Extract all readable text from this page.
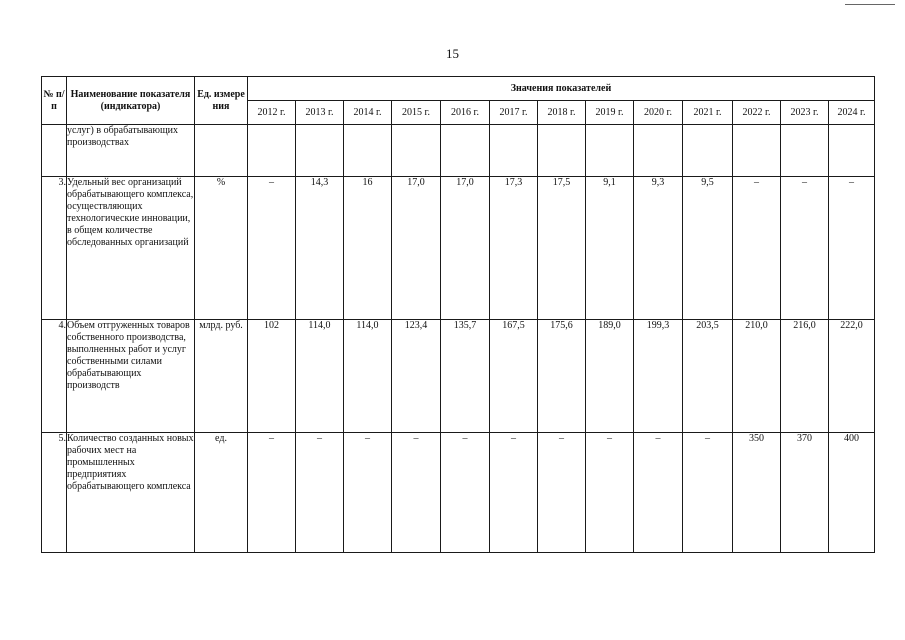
15
№ п/п	Наименование показателя (индикатора)	Ед. измере ния	Значения показателей												
			2012 г.	2013 г.	2014 г.	2015 г.	2016 г.	2017 г.	2018 г.	2019 г.	2020 г.	2021 г.	2022 г.	2023 г.	2024 г.
	услуг) в обрабатывающих производствах														
3.	Удельный вес организаций обрабатывающего комплекса, осуществляющих технологические инновации, в общем количестве обследованных организаций	%	–	14,3	16	17,0	17,0	17,3	17,5	9,1	9,3	9,5	–	–	–
4.	Объем отгруженных товаров собственного производства, выполненных работ и услуг собственными силами обрабатывающих производств	млрд. руб.	102	114,0	114,0	123,4	135,7	167,5	175,6	189,0	199,3	203,5	210,0	216,0	222,0
5.	Количество созданных новых рабочих мест на промышленных предприятиях обрабатывающего комплекса	ед.	–	–	–	–	–	–	–	–	–	–	350	370	400
